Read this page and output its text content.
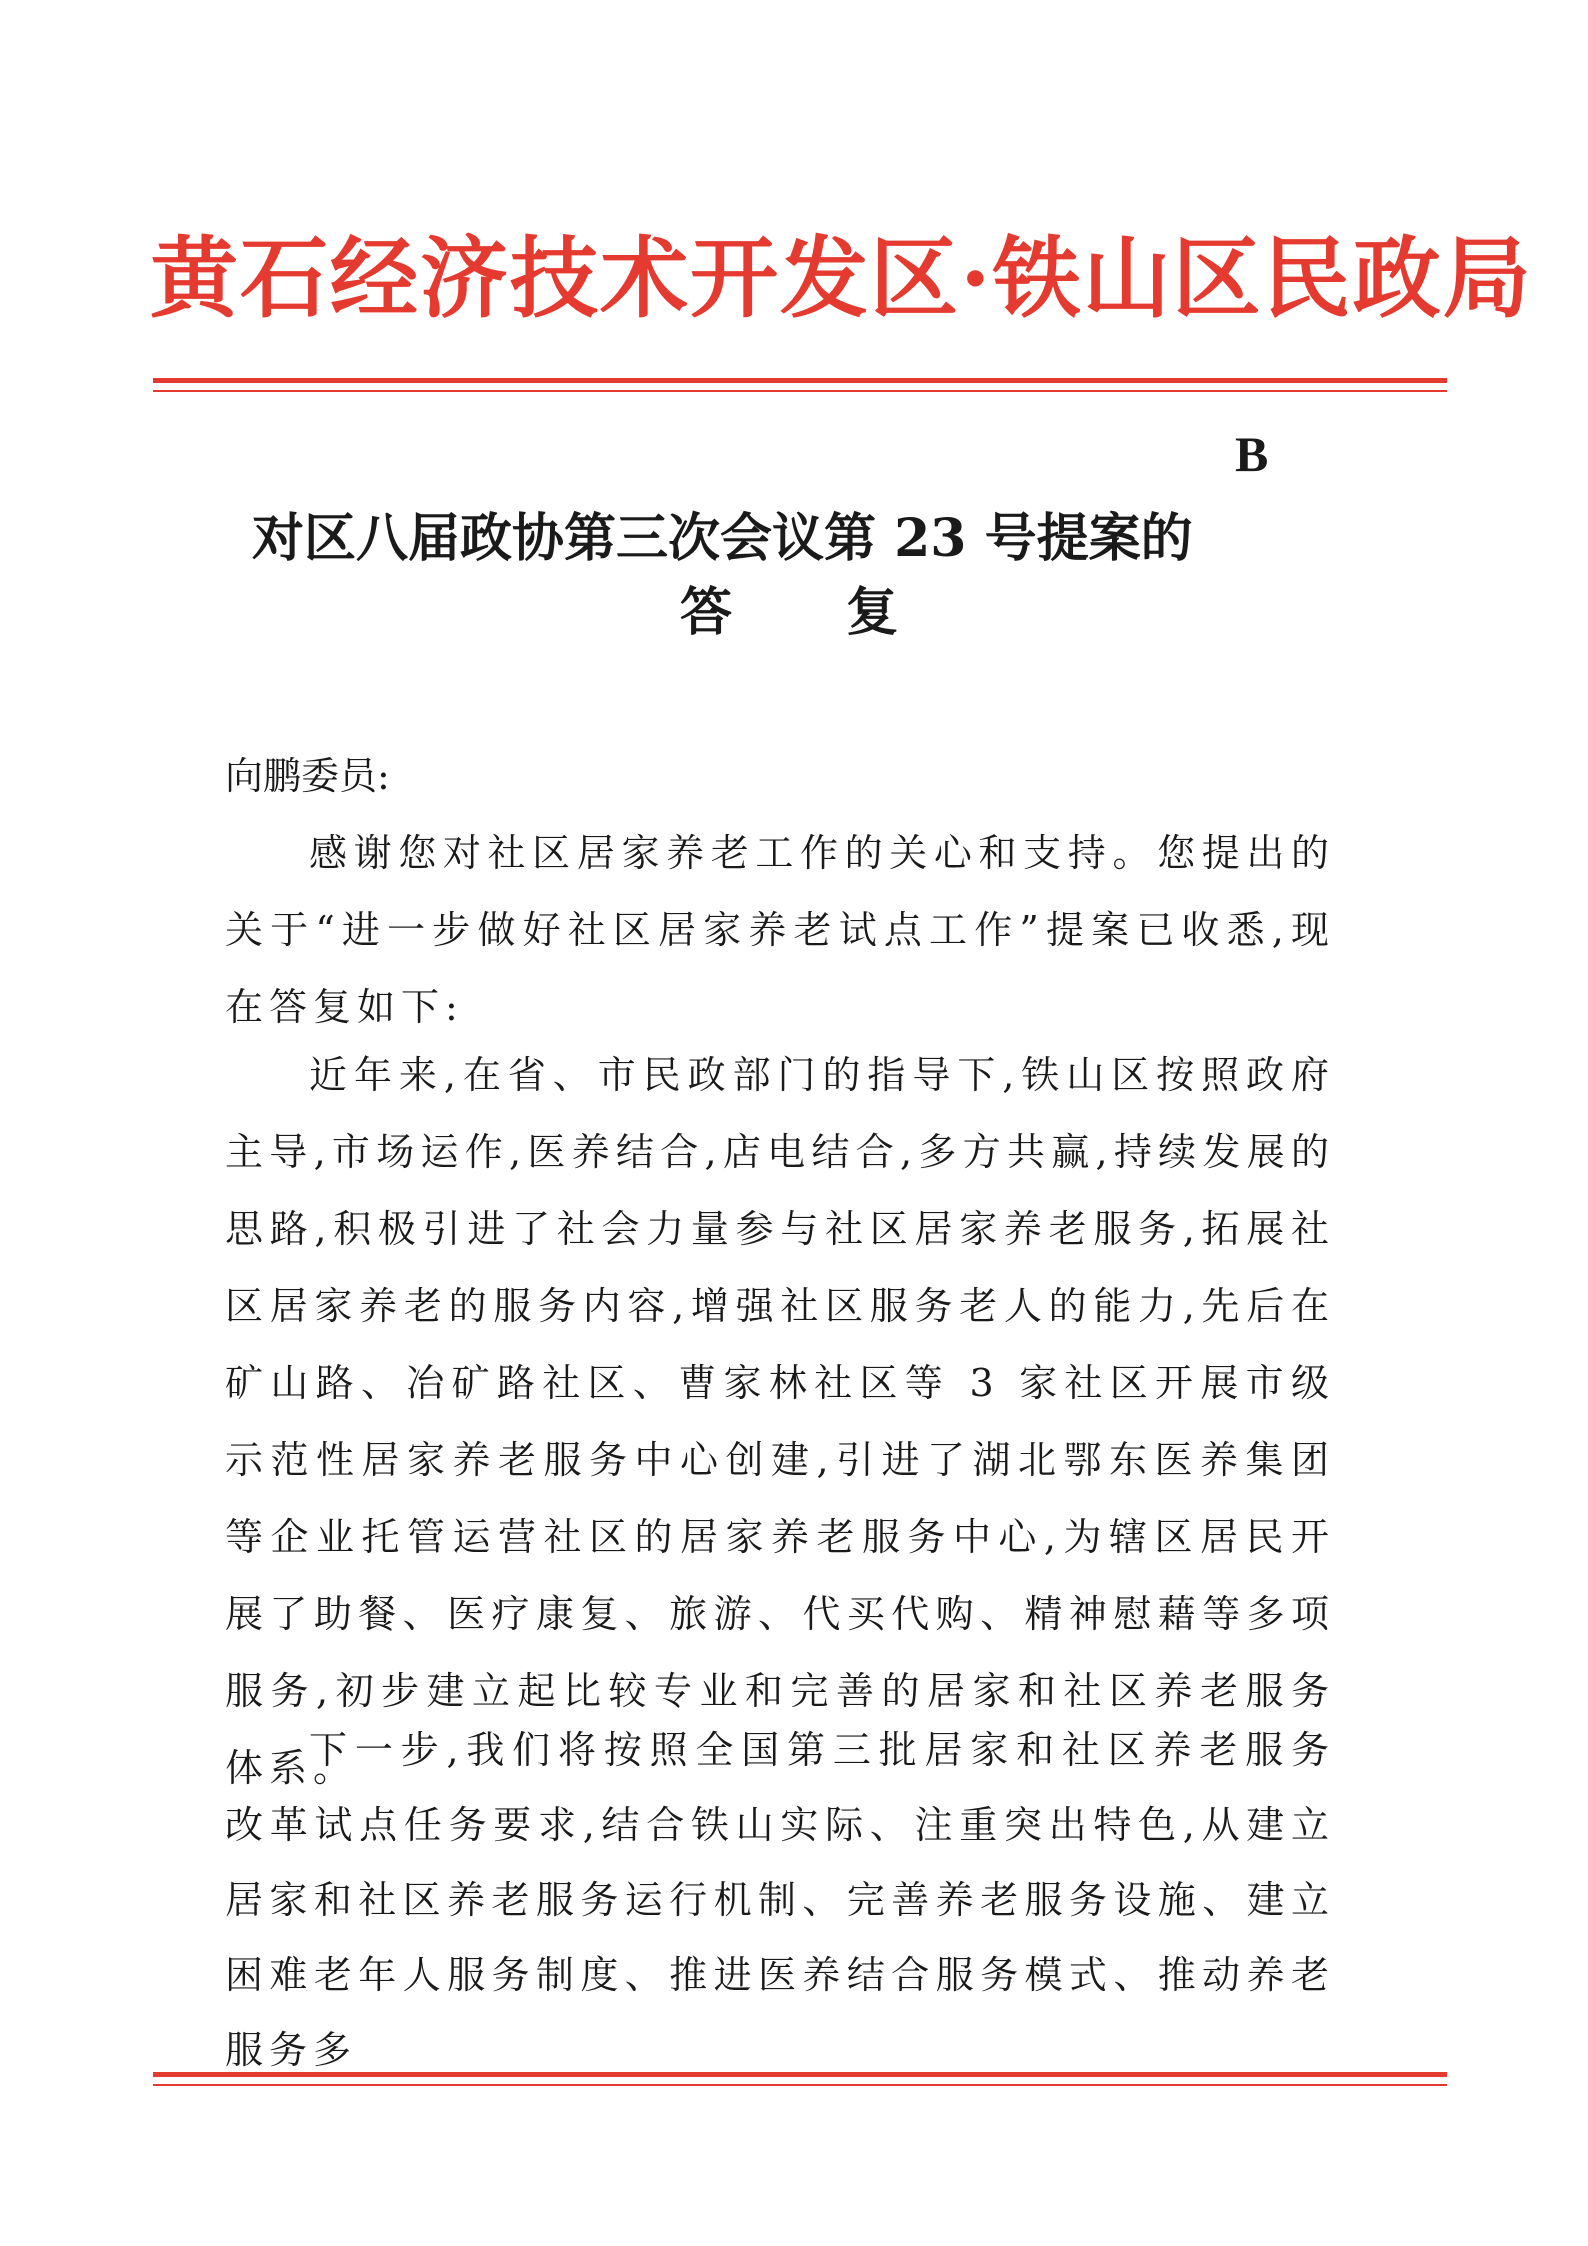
黄石经济技术开发区·铁山区民政局
B
对区八届政协第三次会议第 23 号提案的
答 复
向鹏委员:

感谢您对社区居家养老工作的关心和支持。您提出的关于“进一步做好社区居家养老试点工作”提案已收悉,现在答复如下:

近年来,在省、市民政部门的指导下,铁山区按照政府主导,市场运作,医养结合,店电结合,多方共赢,持续发展的思路,积极引进了社会力量参与社区居家养老服务,拓展社区居家养老的服务内容,增强社区服务老人的能力,先后在矿山路、冶矿路社区、曹家林社区等 3 家社区开展市级示范性居家养老服务中心创建,引进了湖北鄂东医养集团等企业托管运营社区的居家养老服务中心,为辖区居民开展了助餐、医疗康复、旅游、代买代购、精神慰藉等多项服务,初步建立起比较专业和完善的居家和社区养老服务体系。

下一步,我们将按照全国第三批居家和社区养老服务改革试点任务要求,结合铁山实际、注重突出特色,从建立居家和社区养老服务运行机制、完善养老服务设施、建立困难老年人服务制度、推进医养结合服务模式、推动养老服务多
